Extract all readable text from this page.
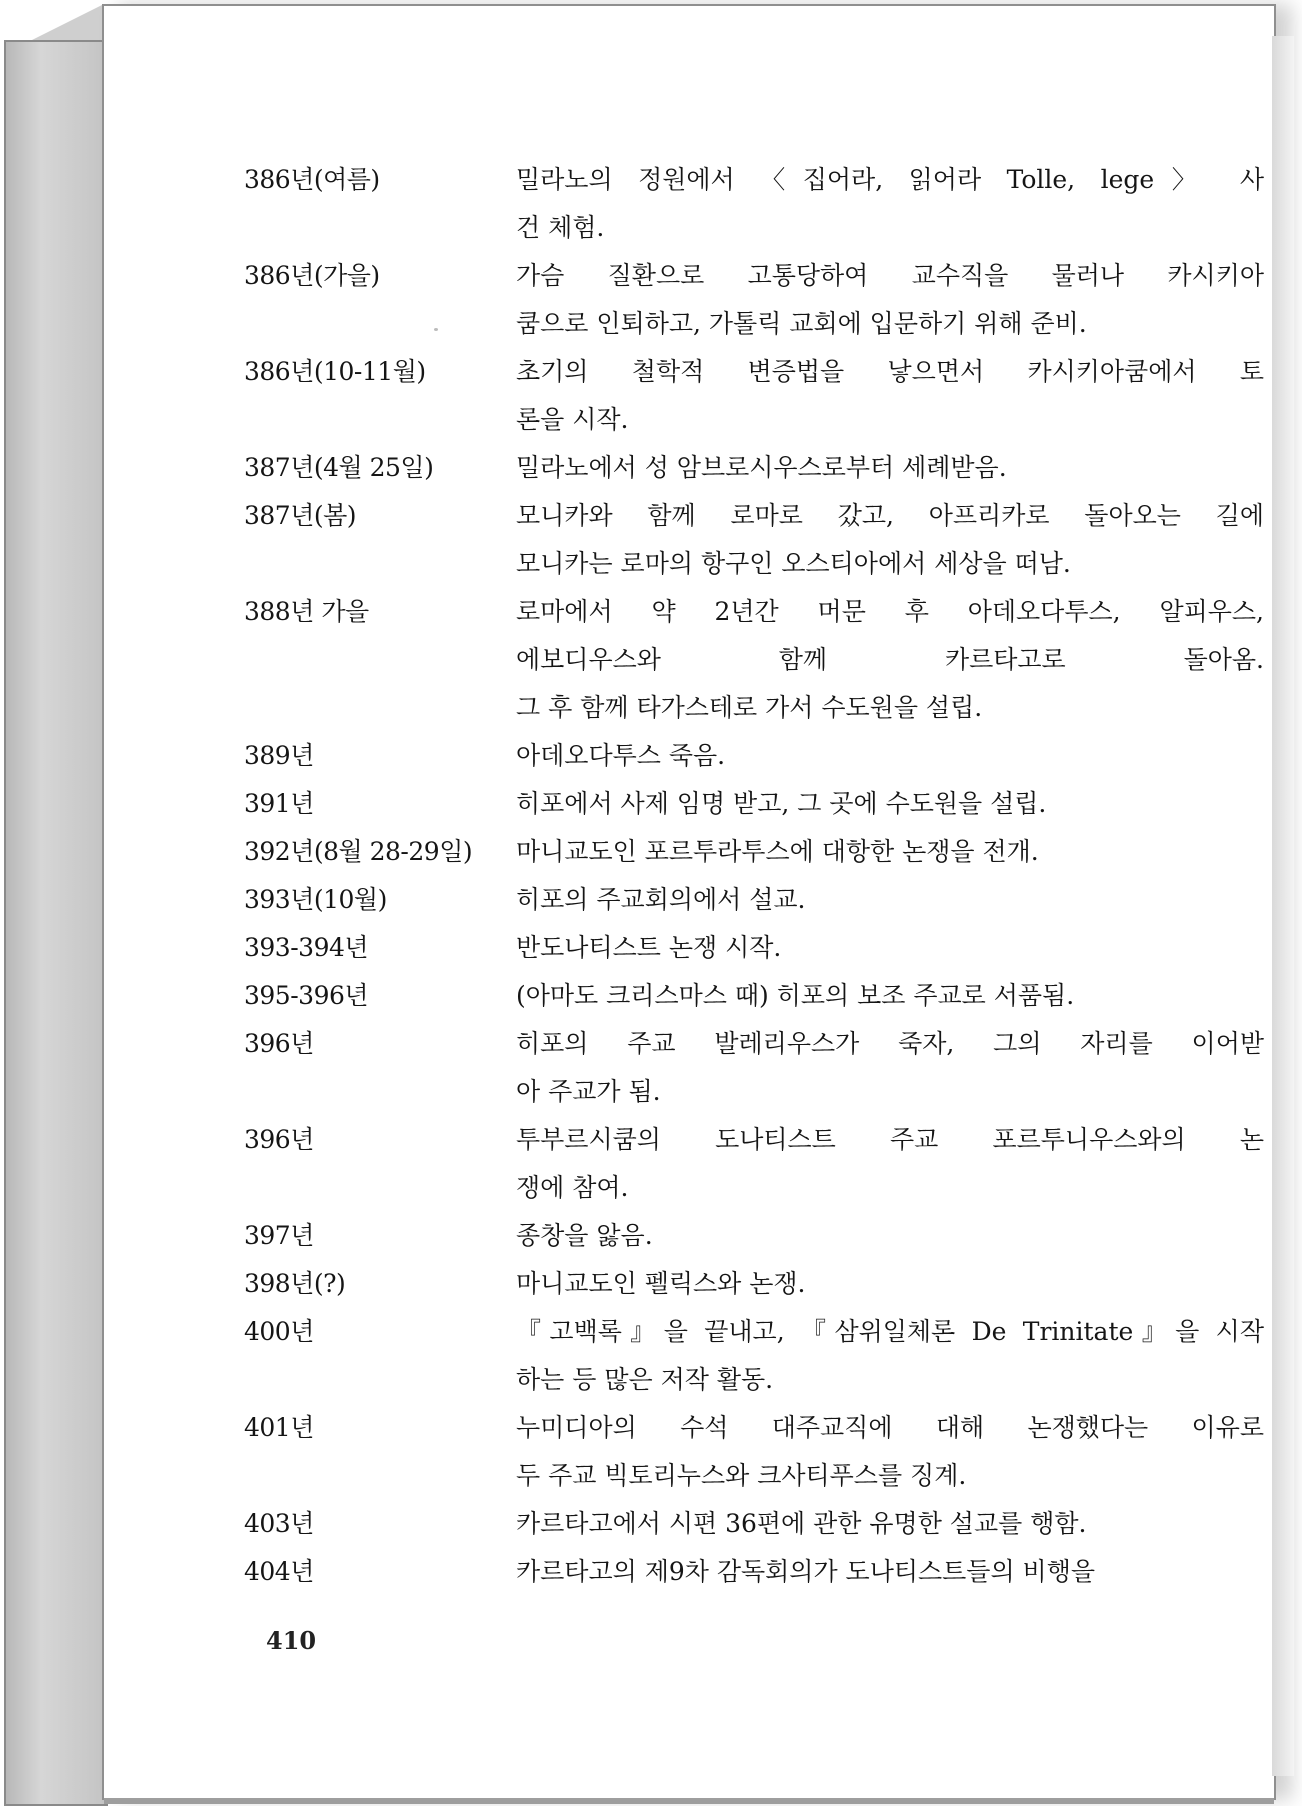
386년(여름)	밀라노의 정원에서 〈집어라, 읽어라 Tolle, lege〉 사
건 체험.
386년(가을)	가슴 질환으로 고통당하여 교수직을 물러나 카시키아
쿰으로 인퇴하고, 가톨릭 교회에 입문하기 위해 준비.
386년(10-11월)	초기의 철학적 변증법을 낳으면서 카시키아쿰에서 토
론을 시작.
387년(4월 25일)	밀라노에서 성 암브로시우스로부터 세례받음.
387년(봄)	모니카와 함께 로마로 갔고, 아프리카로 돌아오는 길에
모니카는 로마의 항구인 오스티아에서 세상을 떠남.
388년 가을	로마에서 약 2년간 머문 후 아데오다투스, 알피우스,
에보디우스와 함께 카르타고로 돌아옴.
그 후 함께 타가스테로 가서 수도원을 설립.
389년	아데오다투스 죽음.
391년	히포에서 사제 임명 받고, 그 곳에 수도원을 설립.
392년(8월 28-29일)	마니교도인 포르투라투스에 대항한 논쟁을 전개.
393년(10월)	히포의 주교회의에서 설교.
393-394년	반도나티스트 논쟁 시작.
395-396년	(아마도 크리스마스 때) 히포의 보조 주교로 서품됨.
396년	히포의 주교 발레리우스가 죽자, 그의 자리를 이어받
아 주교가 됨.
396년	투부르시쿰의 도나티스트 주교 포르투니우스와의 논
쟁에 참여.
397년	종창을 앓음.
398년(?)	마니교도인 펠릭스와 논쟁.
400년	『고백록』을 끝내고, 『삼위일체론 De Trinitate』을 시작
하는 등 많은 저작 활동.
401년	누미디아의 수석 대주교직에 대해 논쟁했다는 이유로
두 주교 빅토리누스와 크사티푸스를 징계.
403년	카르타고에서 시편 36편에 관한 유명한 설교를 행함.
404년	카르타고의 제9차 감독회의가 도나티스트들의 비행을
410
